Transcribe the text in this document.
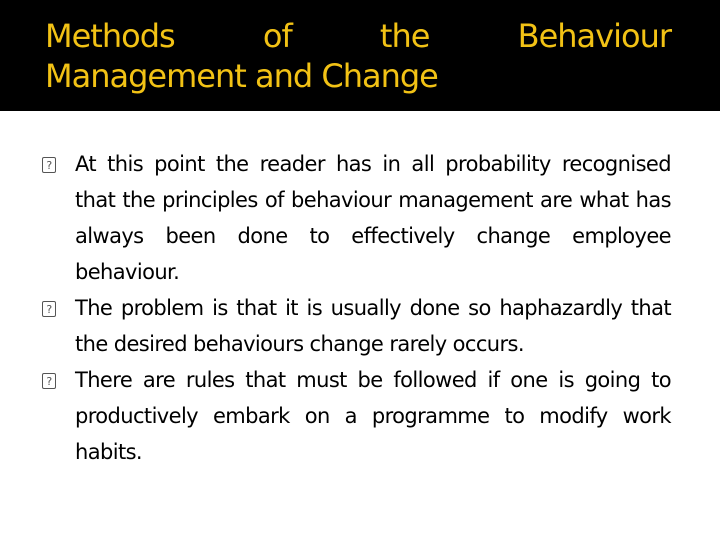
Methods of the Behaviour
Management and Change
? At this point the reader has in all probability recognised that the principles of behaviour management are what has always been done to effectively change employee behaviour.
? The problem is that it is usually done so haphazardly that the desired behaviours change rarely occurs.
? There are rules that must be followed if one is going to productively embark on a programme to modify work habits.
